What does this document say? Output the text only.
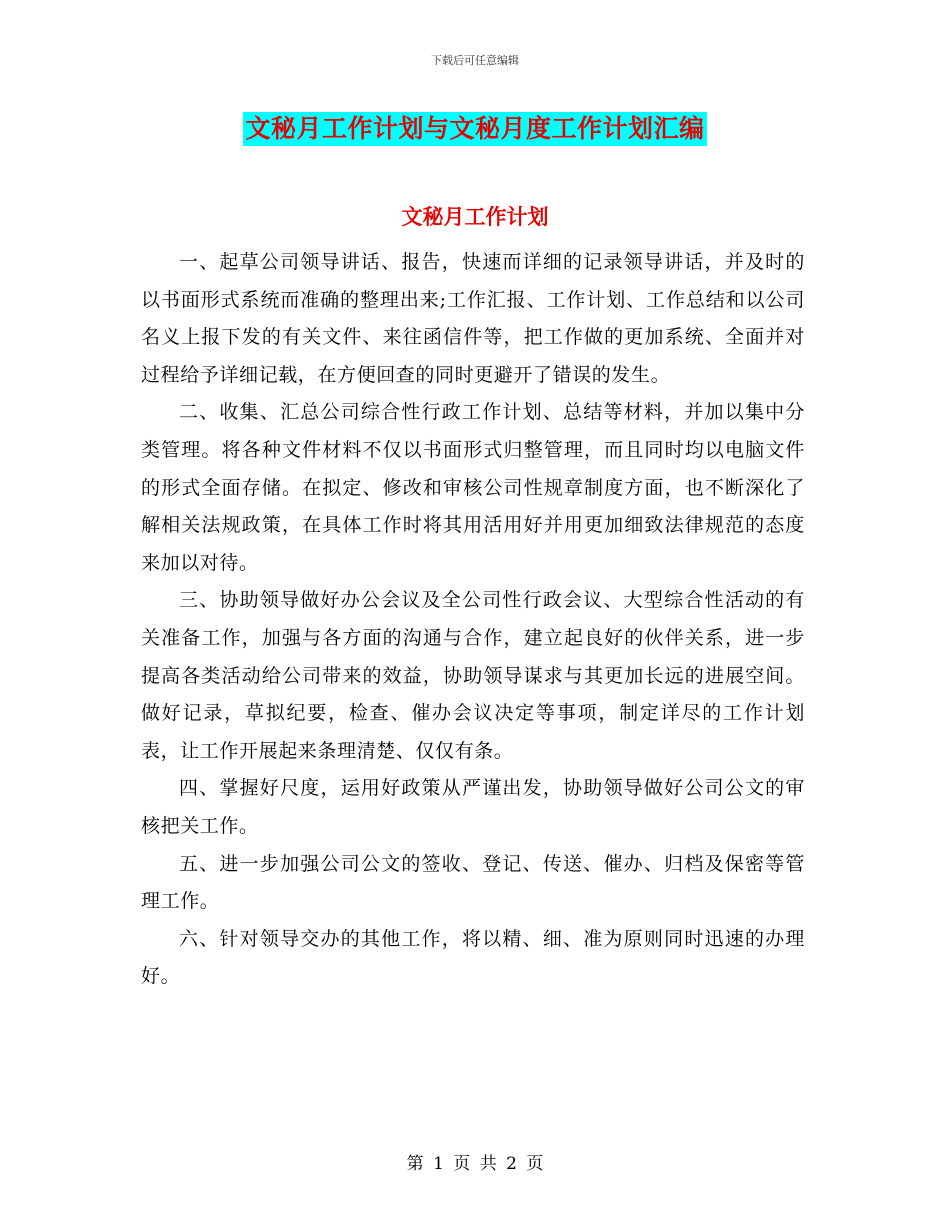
下载后可任意编辑
文秘月工作计划与文秘月度工作计划汇编
文秘月工作计划

一、起草公司领导讲话、报告，快速而详细的记录领导讲话，并及时的以书面形式系统而准确的整理出来;工作汇报、工作计划、工作总结和以公司名义上报下发的有关文件、来往函信件等，把工作做的更加系统、全面并对过程给予详细记载，在方便回查的同时更避开了错误的发生。

二、收集、汇总公司综合性行政工作计划、总结等材料，并加以集中分类管理。将各种文件材料不仅以书面形式归整管理，而且同时均以电脑文件的形式全面存储。在拟定、修改和审核公司性规章制度方面，也不断深化了解相关法规政策，在具体工作时将其用活用好并用更加细致法律规范的态度来加以对待。

三、协助领导做好办公会议及全公司性行政会议、大型综合性活动的有关准备工作，加强与各方面的沟通与合作，建立起良好的伙伴关系，进一步提高各类活动给公司带来的效益，协助领导谋求与其更加长远的进展空间。做好记录，草拟纪要，检查、催办会议决定等事项，制定详尽的工作计划表，让工作开展起来条理清楚、仅仅有条。

四、掌握好尺度，运用好政策从严谨出发，协助领导做好公司公文的审核把关工作。

五、进一步加强公司公文的签收、登记、传送、催办、归档及保密等管理工作。

六、针对领导交办的其他工作，将以精、细、准为原则同时迅速的办理好。

第 1 页 共 2 页
